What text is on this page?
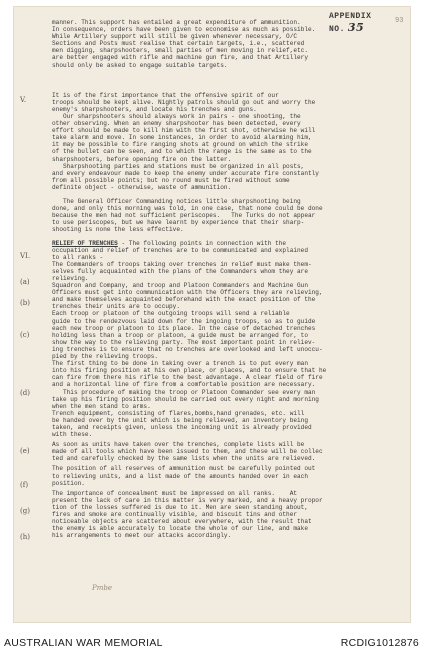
APPENDIX NO. 35	93
V.
VI.
(a)
(b)
(c)
(d)
(e)
(f)
(g)
(h)
manner. This support has entailed a great expenditure of ammunition.
In consequence, orders have been given to economise as much as possible.
While Artillery support will still be given whenever necessary, O/C
Sections and Posts must realise that certain targets, i.e., scattered
men digging, sharpshooters, small parties of men moving in relief,etc.
are better engaged with rifle and machine gun fire, and that Artillery
should only be asked to engage suitable targets.
It is of the first importance that the offensive spirit of our
troops should be kept alive. Nightly patrols should go out and worry the
enemy's sharpshooters, and locate his trenches and guns.
Our sharpshooters should always work in pairs - one shooting, the
other observing. When an enemy sharpshooter has been detected, every
effort should be made to kill him with the first shot, otherwise he will
take alarm and move. In some instances, in order to avoid alarming him,
it may be possible to fire ranging shots at ground on which the strike
of the bullet can be seen, and to which the range is the same as to the
sharpshooters, before opening fire on the latter.
Sharpshooting parties and stations must be organized in all posts,
and every endeavour made to keep the enemy under accurate fire constantly
from all possible points; but no round must be fired without some
definite object - otherwise, waste of ammunition.
The General Officer Commanding notices little sharpshooting being
done, and only this morning was told, in one case, that none could be done
because the men had not sufficient periscopes.   The Turks do not appear
to use periscopes, but we have learnt by experience that their sharp-
shooting is none the less effective.
RELIEF OF TRENCHES - The following points in connection with the
occupation and relief of trenches are to be communicated and explained
to all ranks -
The Commanders of troops taking over trenches in relief must make them-
selves fully acquainted with the plans of the Commanders whom they are
relieving.
Squadron and Company, and troop and Platoon Commanders and Machine Gun
Officers must get into communication with the Officers they are relieving,
and make themselves acquainted beforehand with the exact position of the
trenches their units are to occupy.
Each troop or platoon of the outgoing troops will send a reliable
guide to the rendezvous laid down for the ingoing troops, so as to guide
each new troop or platoon to its place. In the case of detached trenches
holding less than a troop or platoon, a guide must be arranged for, to
show the way to the relieving party. The most important point in reliev-
ing trenches is to ensure that no trenches are overlooked and left unoccu-
pied by the relieving troops.
The first thing to be done in taking over a trench is to put every man
into his firing position at his own place, or places, and to ensure that he
can fire from there his rifle to the best advantage. A clear field of fire
and a horizontal line of fire from a comfortable position are necessary.
This procedure of making the troop or Platoon Commander see every man
take up his firing position should be carried out every night and morning
when the men stand to arms.
Trench equipment, consisting of flares,bombs,hand grenades, etc. will
be handed over by the unit which is being relieved, an inventory being
taken, and receipts given, unless the incoming unit is already provided
with these.
As soon as units have taken over the trenches, complete lists will be
made of all tools which have been issued to them, and these will be collec
ted and carefully checked by the same lists when the units are relieved.
The position of all reserves of ammunition must be carefully pointed out
to relieving units, and a list made of the amounts handed over in each
position.
The importance of concealment must be impressed on all ranks.    At
present the lack of care in this matter is very marked, and a heavy propor
tion of the losses suffered is due to it. Men are seen standing about,
fires and smoke are continually visible, and biscuit tins and other
noticeable objects are scattered about everywhere, with the result that
the enemy is able accurately to locate the whole of our line, and make
his arrangements to meet our attacks accordingly.
Pmbe
AUSTRALIAN WAR MEMORIAL	RCDIG1012876
